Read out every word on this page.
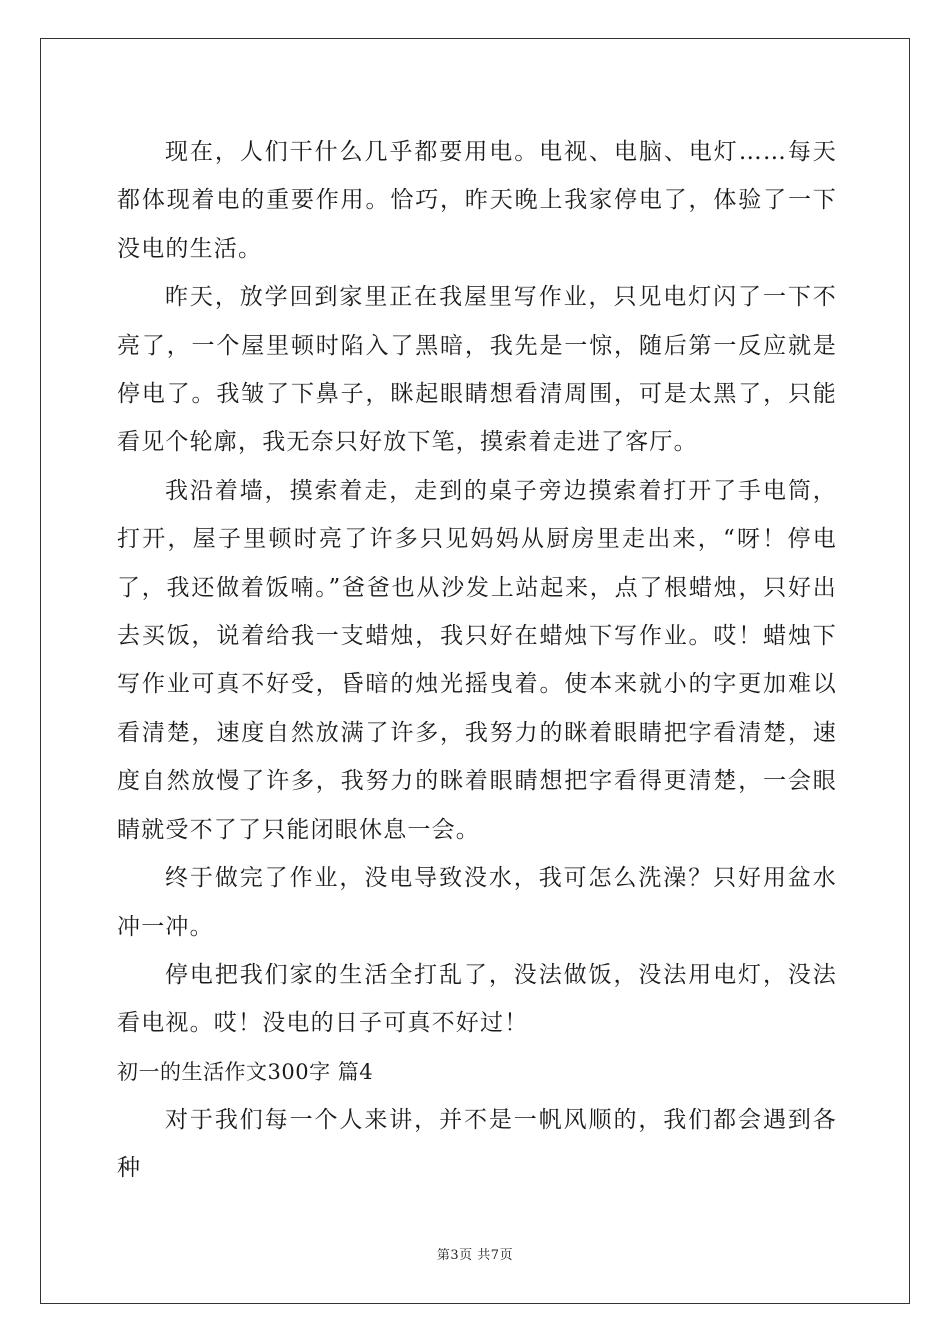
现在，人们干什么几乎都要用电。电视、电脑、电灯……每天都体现着电的重要作用。恰巧，昨天晚上我家停电了，体验了一下没电的生活。

昨天，放学回到家里正在我屋里写作业，只见电灯闪了一下不亮了，一个屋里顿时陷入了黑暗，我先是一惊，随后第一反应就是停电了。我皱了下鼻子，眯起眼睛想看清周围，可是太黑了，只能看见个轮廓，我无奈只好放下笔，摸索着走进了客厅。

我沿着墙，摸索着走，走到的桌子旁边摸索着打开了手电筒，打开，屋子里顿时亮了许多只见妈妈从厨房里走出来，“呀！停电了，我还做着饭喃。”爸爸也从沙发上站起来，点了根蜡烛，只好出去买饭，说着给我一支蜡烛，我只好在蜡烛下写作业。哎！蜡烛下写作业可真不好受，昏暗的烛光摇曳着。使本来就小的字更加难以看清楚，速度自然放满了许多，我努力的眯着眼睛把字看清楚，速度自然放慢了许多，我努力的眯着眼睛想把字看得更清楚，一会眼睛就受不了了只能闭眼休息一会。

终于做完了作业，没电导致没水，我可怎么洗澡？只好用盆水冲一冲。

停电把我们家的生活全打乱了，没法做饭，没法用电灯，没法看电视。哎！没电的日子可真不好过！

初一的生活作文300字 篇4

对于我们每一个人来讲，并不是一帆风顺的，我们都会遇到各种

第3页 共7页
